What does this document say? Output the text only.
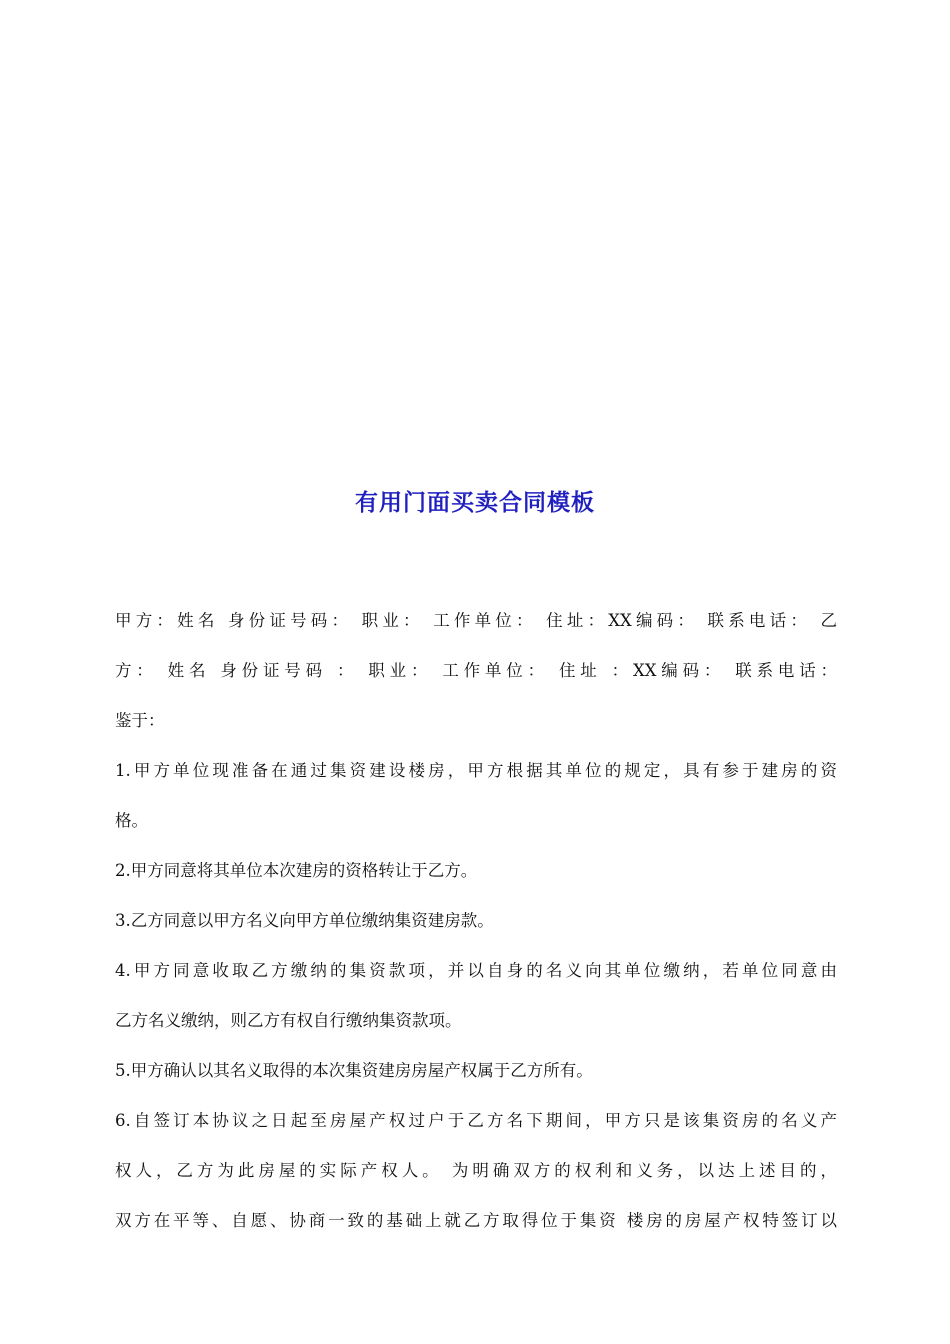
有用门面买卖合同模板
甲方：姓名 身份证号码： 职业： 工作单位： 住址：XX编码： 联系电话： 乙
方： 姓名 身份证号码 ： 职业： 工作单位： 住址 ：XX编码： 联系电话：
鉴于：
1.甲方单位现准备在通过集资建设楼房，甲方根据其单位的规定，具有参于建房的资
格。
2.甲方同意将其单位本次建房的资格转让于乙方。
3.乙方同意以甲方名义向甲方单位缴纳集资建房款。
4.甲方同意收取乙方缴纳的集资款项，并以自身的名义向其单位缴纳，若单位同意由
乙方名义缴纳，则乙方有权自行缴纳集资款项。
5.甲方确认以其名义取得的本次集资建房房屋产权属于乙方所有。
6.自签订本协议之日起至房屋产权过户于乙方名下期间，甲方只是该集资房的名义产
权人，乙方为此房屋的实际产权人。 为明确双方的权利和义务，以达上述目的，
双方在平等、自愿、协商一致的基础上就乙方取得位于集资 楼房的房屋产权特签订以
